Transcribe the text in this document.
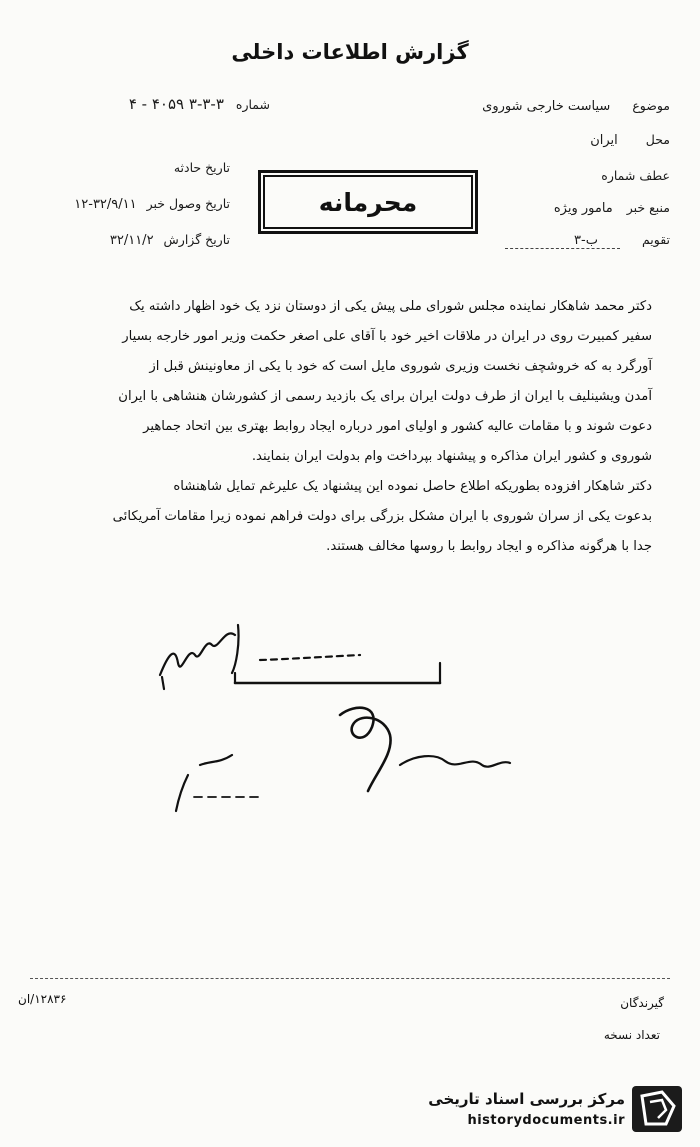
گزارش اطلاعات داخلی
موضوع سیاست خارجی شوروی
محل ایران
عطف شماره
منبع خبر مامور ویژه
تقویم ب-۳
شماره ۳-۳-۳ ۴۰۵۹ - ۴
تاریخ حادثه
تاریخ وصول خبر ۳۲/۹/۱۱-۱۲
تاریخ گزارش ۳۲/۱۱/۲
محرمانه

دکتر محمد شاهکار نماینده مجلس شورای ملی پیش یکی از دوستان نزد یک خود اظهار داشته یک

سفیر کمبیرت روی در ایران در ملاقات اخیر خود با آقای علی اصغر حکمت وزیر امور خارجه بسیار

آورگرد به که خروشچف نخست وزیری شوروی مایل است که خود با یکی از معاونینش قبل از

آمدن ویشینلیف با ایران از طرف دولت ایران برای یک بازدید رسمی از کشورشان هنشاهی با ایران

دعوت شوند و با مقامات عالیه کشور و اولیای امور درباره ایجاد روابط بهتری بین اتحاد جماهیر

شوروی و کشور ایران مذاکره و پیشنهاد بپرداخت وام بدولت ایران بنمایند.

دکتر شاهکار افزوده بطوریکه اطلاع حاصل نموده این پیشنهاد یک علیرغم تمایل شاهنشاه

بدعوت یکی از سران شوروی با ایران مشکل بزرگی برای دولت فراهم نموده زیرا مقامات آمریکائی

جدا با هرگونه مذاکره و ایجاد روابط با روسها مخالف هستند.

۱۲۸۳۶/ان	گیرندگان
تعداد نسخه
مرکز بررسی اسناد تاریخی
historydocuments.ir
